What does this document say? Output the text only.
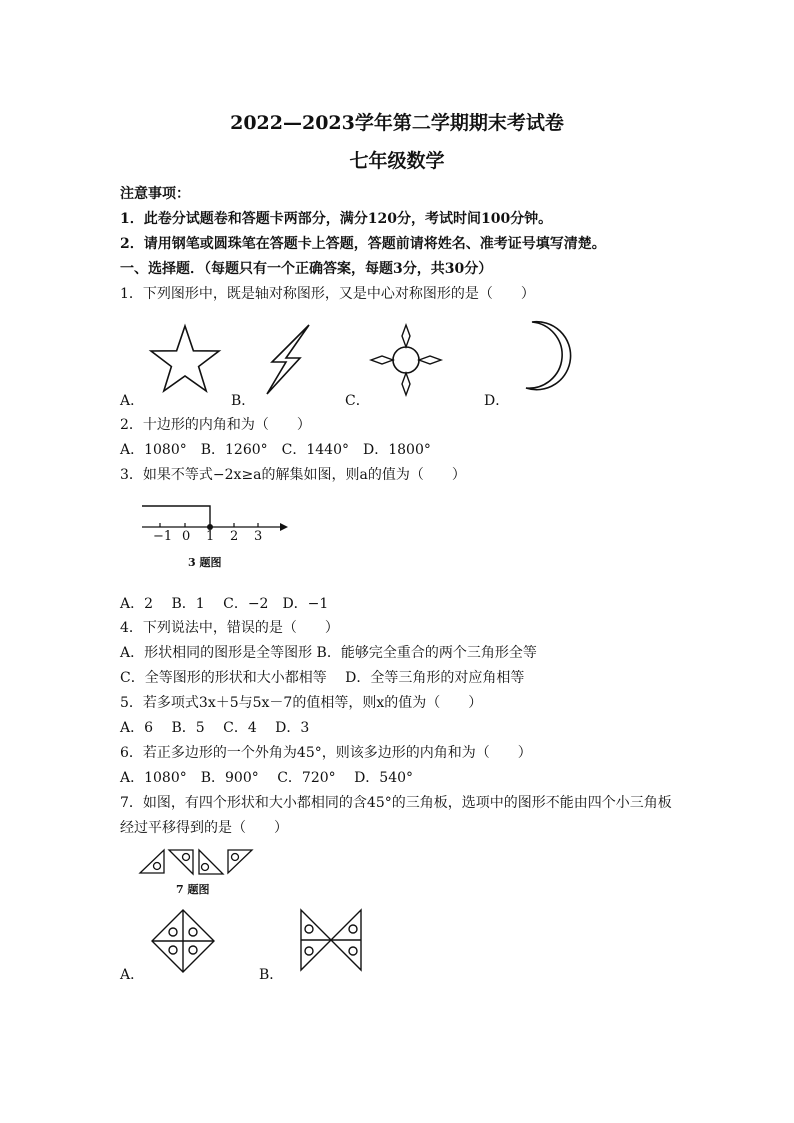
2022—2023学年第二学期期末考试卷
七年级数学
注意事项：
1．此卷分试题卷和答题卡两部分，满分120分，考试时间100分钟。
2．请用钢笔或圆珠笔在答题卡上答题，答题前请将姓名、准考证号填写清楚。
一、选择题．（每题只有一个正确答案，每题3分，共30分）
1．下列图形中，既是轴对称图形，又是中心对称图形的是（　　）
A．	B．	C．	D．
2．十边形的内角和为（　　）
A．1080°　B．1260°　C．1440°　D．1800°
3．如果不等式−2x≥a的解集如图，则a的值为（　　）
−1 0 1 2 3
3 题图
A．2　 B．1　 C．−2　D．−1
4．下列说法中，错误的是（　　）
A．形状相同的图形是全等图形 B．能够完全重合的两个三角形全等
C．全等图形的形状和大小都相等　 D．全等三角形的对应角相等
5．若多项式3x＋5与5x－7的值相等，则x的值为（　　）
A．6　 B．5　 C．4　 D．3
6．若正多边形的一个外角为45°，则该多边形的内角和为（　　）
A．1080°　B．900°　 C．720°　 D．540°
7．如图，有四个形状和大小都相同的含45°的三角板，选项中的图形不能由四个小三角板
经过平移得到的是（　　）
7 题图
A．	B．
